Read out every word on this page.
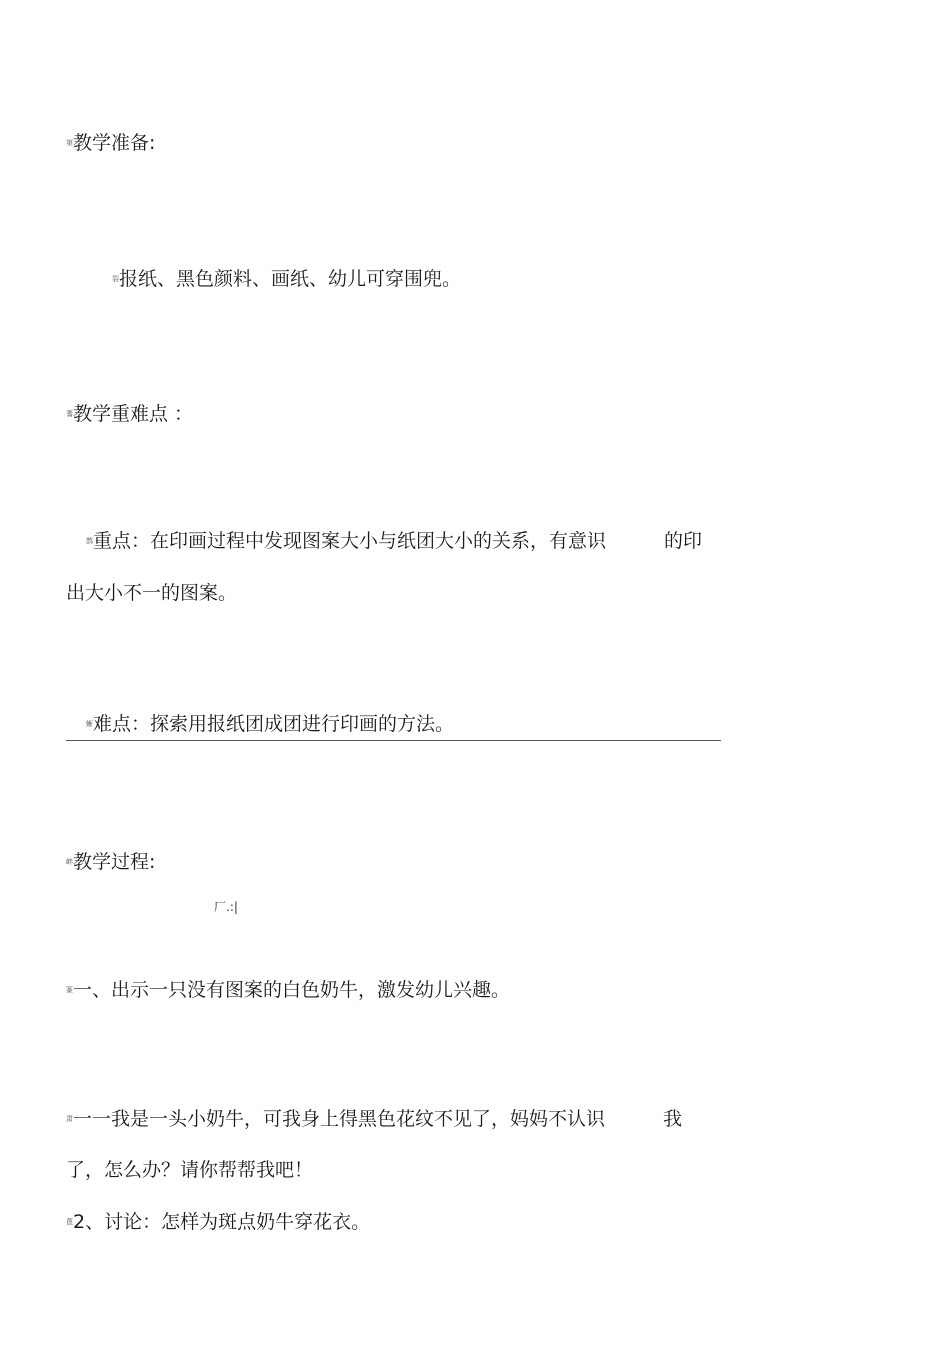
第教学准备:
裂报纸、黑色颜料、画纸、幼儿可穿围兜。
蓍教学重难点 ：
鹊重点：在印画过程中发现图案大小与纸团大小的关系，有意识	的印
出大小不一的图案。
蜥难点：探索用报纸团成团进行印画的方法。
衅教学过程:
厂.:|
篆一、出示一只没有图案的白色奶牛，激发幼儿兴趣。
肃一一我是一头小奶牛，可我身上得黑色花纹不见了，妈妈不认识	我
了，怎么办？请你帮帮我吧！
蓖2、讨论：怎样为斑点奶牛穿花衣。
